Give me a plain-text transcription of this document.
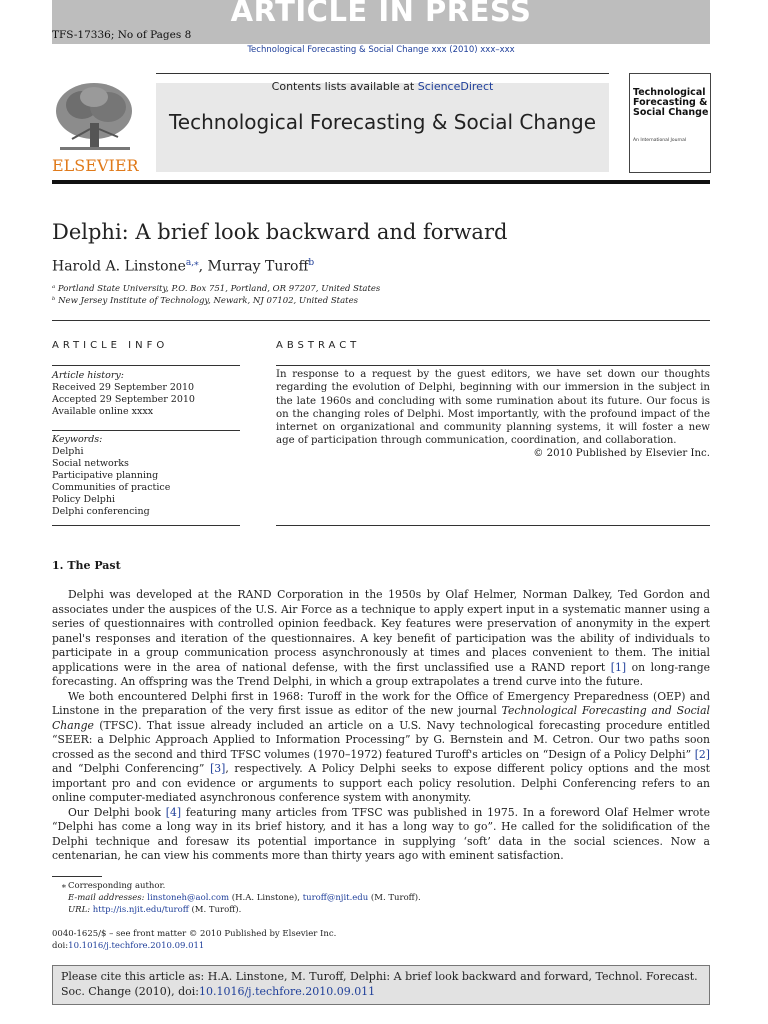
ARTICLE IN PRESS
TFS-17336; No of Pages 8
Technological Forecasting & Social Change xxx (2010) xxx–xxx
ELSEVIER
Contents lists available at ScienceDirect
Technological Forecasting & Social Change
Technological Forecasting & Social Change
An International Journal
Delphi: A brief look backward and forward
Harold A. Linstone$^{a,⁎}$, Murray Turoff$^b$
ᵃ Portland State University, P.O. Box 751, Portland, OR 97207, United States
ᵇ New Jersey Institute of Technology, Newark, NJ 07102, United States
ARTICLE INFO
Article history:
Received 29 September 2010
Accepted 29 September 2010
Available online xxxx
Keywords:
Delphi
Social networks
Participative planning
Communities of practice
Policy Delphi
Delphi conferencing
ABSTRACT
In response to a request by the guest editors, we have set down our thoughts regarding the evolution of Delphi, beginning with our immersion in the subject in the late 1960s and concluding with some rumination about its future. Our focus is on the changing roles of Delphi. Most importantly, with the profound impact of the internet on organizational and community planning systems, it will foster a new age of participation through communication, coordination, and collaboration.
© 2010 Published by Elsevier Inc.
1. The Past

Delphi was developed at the RAND Corporation in the 1950s by Olaf Helmer, Norman Dalkey, Ted Gordon and associates under the auspices of the U.S. Air Force as a technique to apply expert input in a systematic manner using a series of questionnaires with controlled opinion feedback. Key features were preservation of anonymity in the expert panel's responses and iteration of the questionnaires. A key benefit of participation was the ability of individuals to participate in a group communication process asynchronously at times and places convenient to them. The initial applications were in the area of national defense, with the first unclassified use a RAND report [1] on long-range forecasting. An offspring was the Trend Delphi, in which a group extrapolates a trend curve into the future.

We both encountered Delphi first in 1968: Turoff in the work for the Office of Emergency Preparedness (OEP) and Linstone in the preparation of the very first issue as editor of the new journal Technological Forecasting and Social Change (TFSC). That issue already included an article on a U.S. Navy technological forecasting procedure entitled “SEER: a Delphic Approach Applied to Information Processing” by G. Bernstein and M. Cetron. Our two paths soon crossed as the second and third TFSC volumes (1970–1972) featured Turoff's articles on “Design of a Policy Delphi” [2] and “Delphi Conferencing” [3], respectively. A Policy Delphi seeks to expose different policy options and the most important pro and con evidence or arguments to support each policy resolution. Delphi Conferencing refers to an online computer-mediated asynchronous conference system with anonymity.

Our Delphi book [4] featuring many articles from TFSC was published in 1975. In a foreword Olaf Helmer wrote “Delphi has come a long way in its brief history, and it has a long way to go”. He called for the solidification of the Delphi technique and foresaw its potential importance in supplying ‘soft’ data in the social sciences. Now a centenarian, he can view his comments more than thirty years ago with eminent satisfaction.

⁎ Corresponding author.
E-mail addresses: linstoneh@aol.com (H.A. Linstone), turoff@njit.edu (M. Turoff).
URL: http://is.njit.edu/turoff (M. Turoff).
0040-1625/$ – see front matter © 2010 Published by Elsevier Inc.
doi:10.1016/j.techfore.2010.09.011
Please cite this article as: H.A. Linstone, M. Turoff, Delphi: A brief look backward and forward, Technol. Forecast. Soc. Change (2010), doi:10.1016/j.techfore.2010.09.011
